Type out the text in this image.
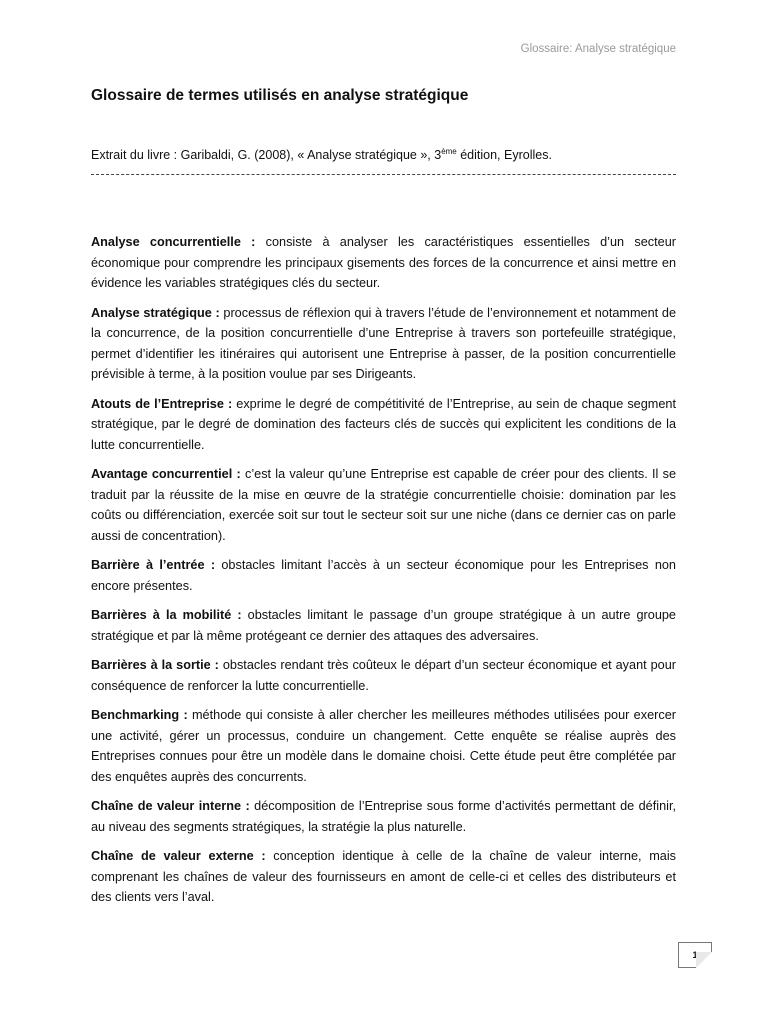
Glossaire: Analyse stratégique
Glossaire de termes utilisés en analyse stratégique
Extrait du livre : Garibaldi, G. (2008), « Analyse stratégique », 3ème édition, Eyrolles.

Analyse concurrentielle : consiste à analyser les caractéristiques essentielles d’un secteur économique pour comprendre les principaux gisements des forces de la concurrence et ainsi mettre en évidence les variables stratégiques clés du secteur.

Analyse stratégique : processus de réflexion qui à travers l’étude de l’environnement et notamment de la concurrence, de la position concurrentielle d’une Entreprise à travers son portefeuille stratégique, permet d’identifier les itinéraires qui autorisent une Entreprise à passer, de la position concurrentielle prévisible à terme, à la position voulue par ses Dirigeants.

Atouts de l’Entreprise : exprime le degré de compétitivité de l’Entreprise, au sein de chaque segment stratégique, par le degré de domination des facteurs clés de succès qui explicitent les conditions de la lutte concurrentielle.

Avantage concurrentiel : c’est la valeur qu’une Entreprise est capable de créer pour des clients. Il se traduit par la réussite de la mise en œuvre de la stratégie concurrentielle choisie: domination par les coûts ou différenciation, exercée soit sur tout le secteur soit sur une niche (dans ce dernier cas on parle aussi de concentration).

Barrière à l’entrée : obstacles limitant l’accès à un secteur économique pour les Entreprises non encore présentes.

Barrières à la mobilité : obstacles limitant le passage d’un groupe stratégique à un autre groupe stratégique et par là même protégeant ce dernier des attaques des adversaires.

Barrières à la sortie : obstacles rendant très coûteux le départ d’un secteur économique et ayant pour conséquence de renforcer la lutte concurrentielle.

Benchmarking : méthode qui consiste à aller chercher les meilleures méthodes utilisées pour exercer une activité, gérer un processus, conduire un changement. Cette enquête se réalise auprès des Entreprises connues pour être un modèle dans le domaine choisi. Cette étude peut être complétée par des enquêtes auprès des concurrents.

Chaîne de valeur interne : décomposition de l’Entreprise sous forme d’activités permettant de définir, au niveau des segments stratégiques, la stratégie la plus naturelle.

Chaîne de valeur externe : conception identique à celle de la chaîne de valeur interne, mais comprenant les chaînes de valeur des fournisseurs en amont de celle-ci et celles des distributeurs et des clients vers l’aval.

1
